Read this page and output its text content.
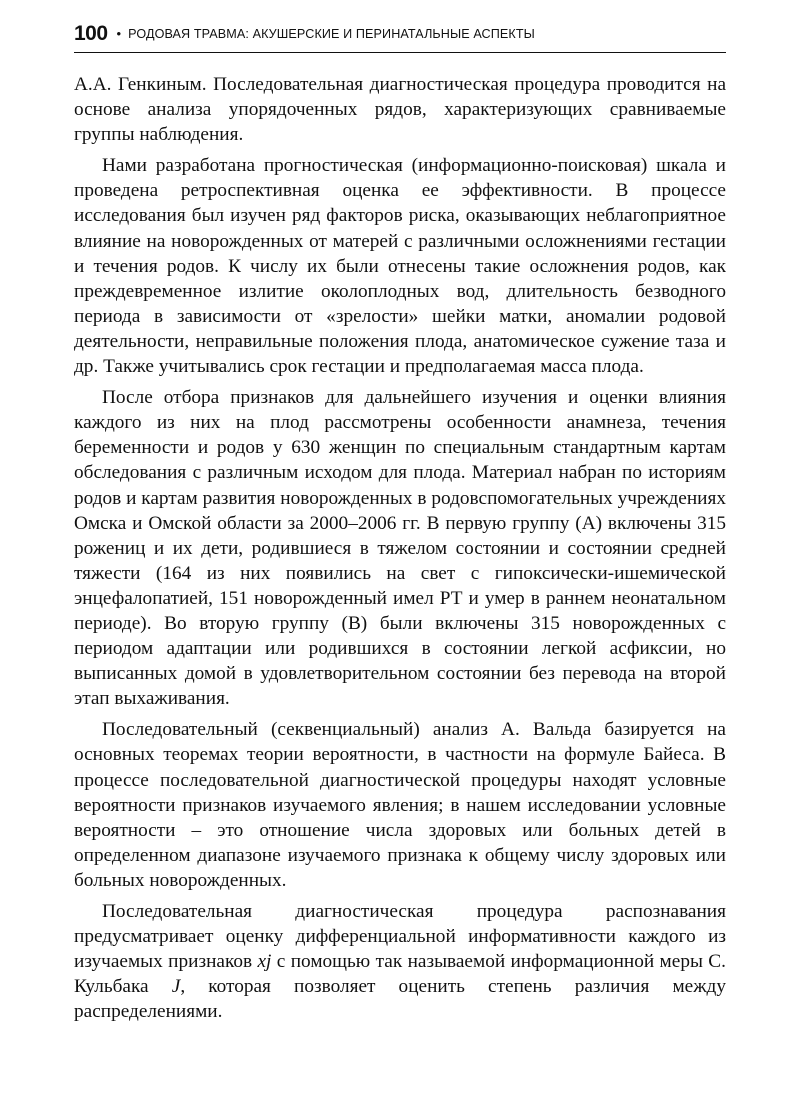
100 • РОДОВАЯ ТРАВМА: АКУШЕРСКИЕ И ПЕРИНАТАЛЬНЫЕ АСПЕКТЫ

А.А. Генкиным. Последовательная диагностическая процедура проводится на основе анализа упорядоченных рядов, характеризующих сравниваемые группы наблюдения.

Нами разработана прогностическая (информационно-поисковая) шкала и проведена ретроспективная оценка ее эффективности. В процессе исследования был изучен ряд факторов риска, оказывающих неблагоприятное влияние на новорожденных от матерей с различными осложнениями гестации и течения родов. К числу их были отнесены такие осложнения родов, как преждевременное излитие околоплодных вод, длительность безводного периода в зависимости от «зрелости» шейки матки, аномалии родовой деятельности, неправильные положения плода, анатомическое сужение таза и др. Также учитывались срок гестации и предполагаемая масса плода.

После отбора признаков для дальнейшего изучения и оценки влияния каждого из них на плод рассмотрены особенности анамнеза, течения беременности и родов у 630 женщин по специальным стандартным картам обследования с различным исходом для плода. Материал набран по историям родов и картам развития новорожденных в родовспомогательных учреждениях Омска и Омской области за 2000–2006 гг. В первую группу (А) включены 315 рожениц и их дети, родившиеся в тяжелом состоянии и состоянии средней тяжести (164 из них появились на свет с гипоксически-ишемической энцефалопатией, 151 новорожденный имел РТ и умер в раннем неонатальном периоде). Во вторую группу (В) были включены 315 новорожденных с периодом адаптации или родившихся в состоянии легкой асфиксии, но выписанных домой в удовлетворительном состоянии без перевода на второй этап выхаживания.

Последовательный (секвенциальный) анализ А. Вальда базируется на основных теоремах теории вероятности, в частности на формуле Байеса. В процессе последовательной диагностической процедуры находят условные вероятности признаков изучаемого явления; в нашем исследовании условные вероятности – это отношение числа здоровых или больных детей в определенном диапазоне изучаемого признака к общему числу здоровых или больных новорожденных.

Последовательная диагностическая процедура распознавания предусматривает оценку дифференциальной информативности каждого из изучаемых признаков xj с помощью так называемой информационной меры С. Кульбака J, которая позволяет оценить степень различия между распределениями.
